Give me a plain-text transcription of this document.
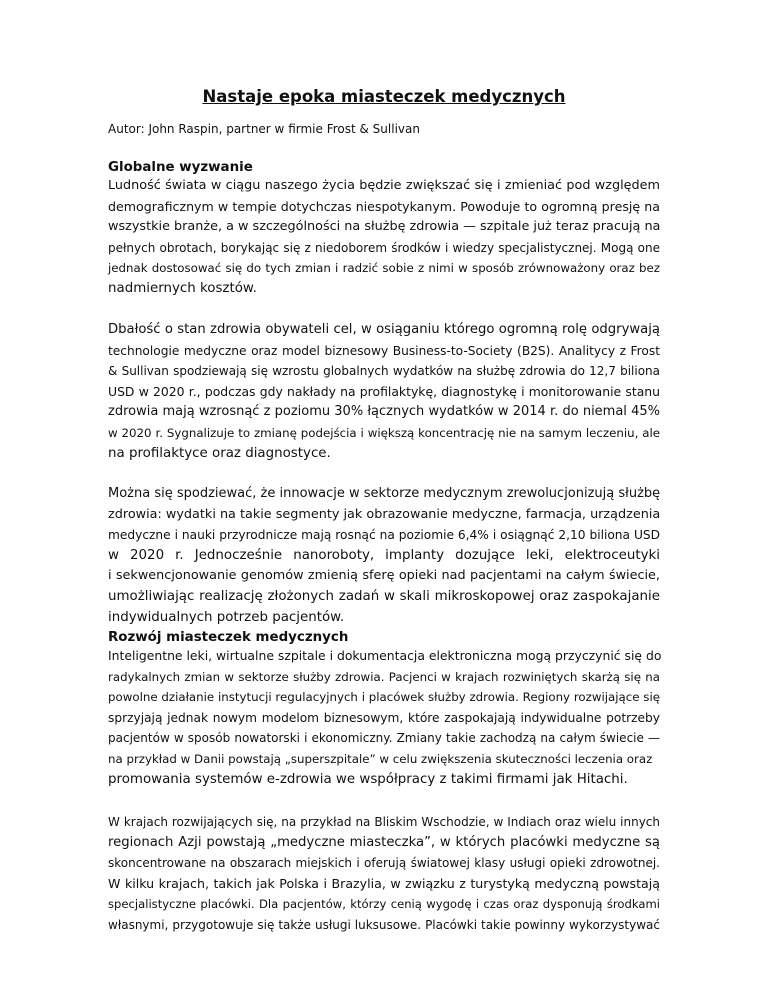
Nastaje epoka miasteczek medycznych

Autor: John Raspin, partner w firmie Frost & Sullivan

Globalne wyzwanie

Ludność świata w ciągu naszego życia będzie zwiększać się i zmieniać pod względem
demograficznym w tempie dotychczas niespotykanym. Powoduje to ogromną presję na
wszystkie branże, a w szczególności na służbę zdrowia — szpitale już teraz pracują na
pełnych obrotach, borykając się z niedoborem środków i wiedzy specjalistycznej. Mogą one
jednak dostosować się do tych zmian i radzić sobie z nimi w sposób zrównoważony oraz bez
nadmiernych kosztów.
Dbałość o stan zdrowia obywateli cel, w osiąganiu którego ogromną rolę odgrywają
technologie medyczne oraz model biznesowy Business-to-Society (B2S). Analitycy z Frost
& Sullivan spodziewają się wzrostu globalnych wydatków na służbę zdrowia do 12,7 biliona
USD w 2020 r., podczas gdy nakłady na profilaktykę, diagnostykę i monitorowanie stanu
zdrowia mają wzrosnąć z poziomu 30% łącznych wydatków w 2014 r. do niemal 45%
w 2020 r. Sygnalizuje to zmianę podejścia i większą koncentrację nie na samym leczeniu, ale
na profilaktyce oraz diagnostyce.
Można się spodziewać, że innowacje w sektorze medycznym zrewolucjonizują służbę
zdrowia: wydatki na takie segmenty jak obrazowanie medyczne, farmacja, urządzenia
medyczne i nauki przyrodnicze mają rosnąć na poziomie 6,4% i osiągnąć 2,10 biliona USD
w 2020 r. Jednocześnie nanoroboty, implanty dozujące leki, elektroceutyki
i sekwencjonowanie genomów zmienią sferę opieki nad pacjentami na całym świecie,
umożliwiając realizację złożonych zadań w skali mikroskopowej oraz zaspokajanie
indywidualnych potrzeb pacjentów.

Rozwój miasteczek medycznych

Inteligentne leki, wirtualne szpitale i dokumentacja elektroniczna mogą przyczynić się do
radykalnych zmian w sektorze służby zdrowia. Pacjenci w krajach rozwiniętych skarżą się na
powolne działanie instytucji regulacyjnych i placówek służby zdrowia. Regiony rozwijające się
sprzyjają jednak nowym modelom biznesowym, które zaspokajają indywidualne potrzeby
pacjentów w sposób nowatorski i ekonomiczny. Zmiany takie zachodzą na całym świecie —
na przykład w Danii powstają „superszpitale” w celu zwiększenia skuteczności leczenia oraz
promowania systemów e-zdrowia we współpracy z takimi firmami jak Hitachi.
W krajach rozwijających się, na przykład na Bliskim Wschodzie, w Indiach oraz wielu innych
regionach Azji powstają „medyczne miasteczka”, w których placówki medyczne są
skoncentrowane na obszarach miejskich i oferują światowej klasy usługi opieki zdrowotnej.
W kilku krajach, takich jak Polska i Brazylia, w związku z turystyką medyczną powstają
specjalistyczne placówki. Dla pacjentów, którzy cenią wygodę i czas oraz dysponują środkami
własnymi, przygotowuje się także usługi luksusowe. Placówki takie powinny wykorzystywać
